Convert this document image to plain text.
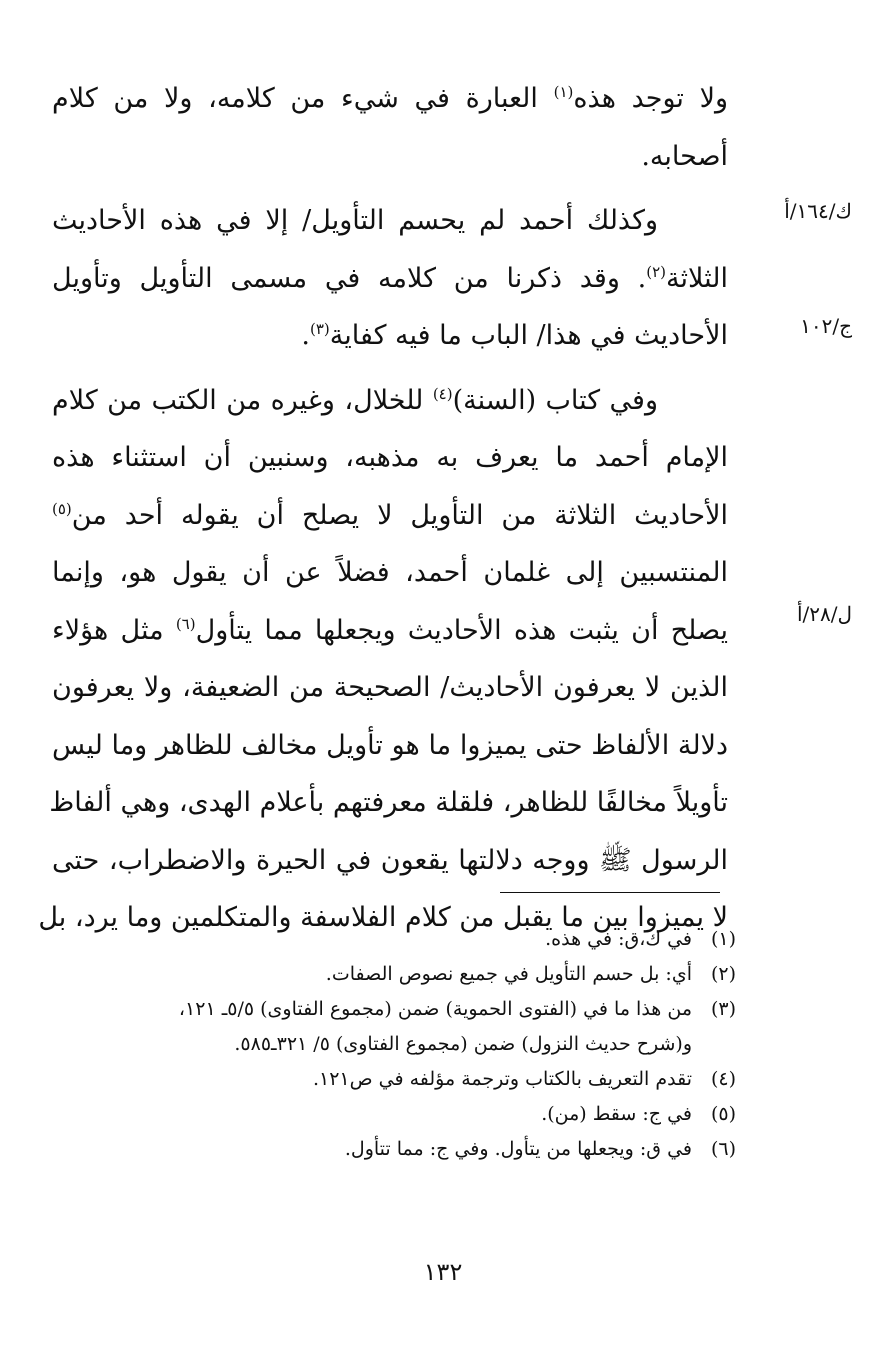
ك/١٦٤/أ
ج/١٠٢
ل/٢٨/أ
ولا توجد هذه$^{(١)}$ العبارة في شيء من كلامه، ولا من كلام
أصحابه.
وكذلك أحمد لم يحسم التأويل/ إلا في هذه الأحاديث
الثلاثة$^{(٢)}$. وقد ذكرنا من كلامه في مسمى التأويل وتأويل
الأحاديث في هذا/ الباب ما فيه كفاية$^{(٣)}$.
وفي كتاب (السنة)$^{(٤)}$ للخلال، وغيره من الكتب من كلام
الإمام أحمد ما يعرف به مذهبه، وسنبين أن استثناء هذه
الأحاديث الثلاثة من التأويل لا يصلح أن يقوله أحد من$^{(٥)}$
المنتسبين إلى غلمان أحمد، فضلاً عن أن يقول هو، وإنما
يصلح أن يثبت هذه الأحاديث ويجعلها مما يتأول$^{(٦)}$ مثل هؤلاء
الذين لا يعرفون الأحاديث/ الصحيحة من الضعيفة، ولا يعرفون
دلالة الألفاظ حتى يميزوا ما هو تأويل مخالف للظاهر وما ليس
تأويلاً مخالفًا للظاهر، فلقلة معرفتهم بأعلام الهدى، وهي ألفاظ
الرسول ﷺ ووجه دلالتها يقعون في الحيرة والاضطراب، حتى
لا يميزوا بين ما يقبل من كلام الفلاسفة والمتكلمين وما يرد، بل
(١)
في ك،ق: في هذه.
(٢)
أي: بل حسم التأويل في جميع نصوص الصفات.
(٣)
من هذا ما في (الفتوى الحموية) ضمن (مجموع الفتاوى) ٥/٥ـ ١٢١،
و(شرح حديث النزول) ضمن (مجموع الفتاوى) ٥/ ٣٢١ـ٥٨٥.
(٤)
تقدم التعريف بالكتاب وترجمة مؤلفه في ص١٢١.
(٥)
في ج: سقط (من).
(٦)
في ق: ويجعلها من يتأول. وفي ج: مما تتأول.
١٣٢
